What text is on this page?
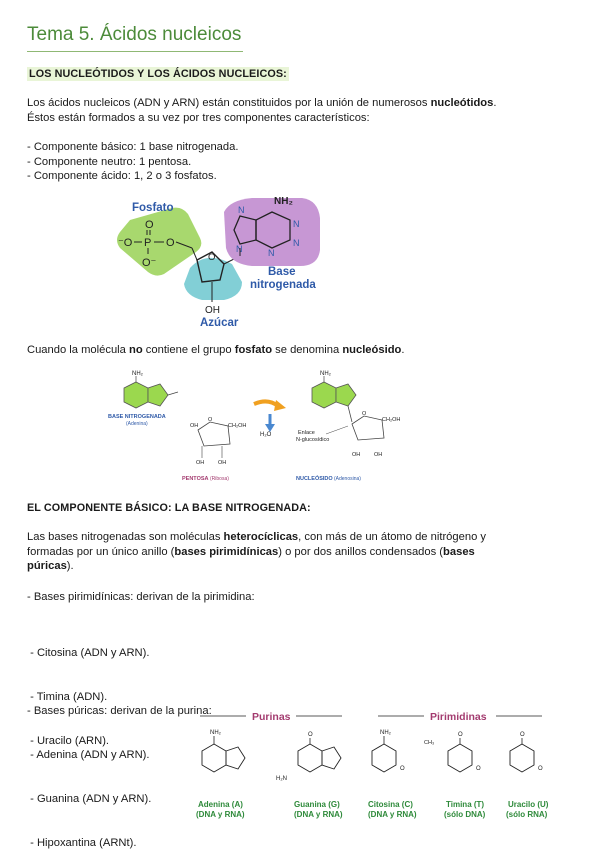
Tema 5. Ácidos nucleicos
LOS NUCLEÓTIDOS Y LOS ÁCIDOS NUCLEICOS:
Los ácidos nucleicos (ADN y ARN) están constituidos por la unión de numerosos nucleótidos.
Éstos están formados a su vez por tres componentes característicos:
- Componente básico: 1 base nitrogenada.
- Componente neutro: 1 pentosa.
- Componente ácido: 1, 2 o 3 fosfatos.
Fosfato
⁻O P O
O
O⁻	O
OH
Azúcar
NH₂
N
N
N
N	N
Base
nitrogenada
Cuando la molécula no contiene el grupo fosfato se denomina nucleósido.
NH₂
BASE NITROGENADA
(Adenina)
O
CH₂OH
OH
OH	OH
PENTOSA (Ribosa)
H₂O
NH₂
O
CH₂OH
OH	OH
Enlace
N-glucosídico
NUCLEÓSIDO (Adenosina)
EL COMPONENTE BÁSICO: LA BASE NITROGENADA:
Las bases nitrogenadas son moléculas heterocíclicas, con más de un átomo de nitrógeno y
formadas por un único anillo (bases pirimidínicas) o por dos anillos condensados (bases
púricas).
- Bases pirimidínicas: derivan de la pirimidina:

- Citosina (ADN y ARN).

- Timina (ADN).

- Uracilo (ARN).

- Bases púricas: derivan de la purina:

- Adenina (ADN y ARN).

- Guanina (ADN y ARN).

- Hipoxantina (ARNt).

Purinas	Pirimidinas
NH₂	O
H₂N
NH₂
O
CH₃
O
O
O
O
Adenina (A)
(DNA y RNA)
Guanina (G)
(DNA y RNA)
Citosina (C)
(DNA y RNA)
Timina (T)
(sólo DNA)
Uracilo (U)
(sólo RNA)
